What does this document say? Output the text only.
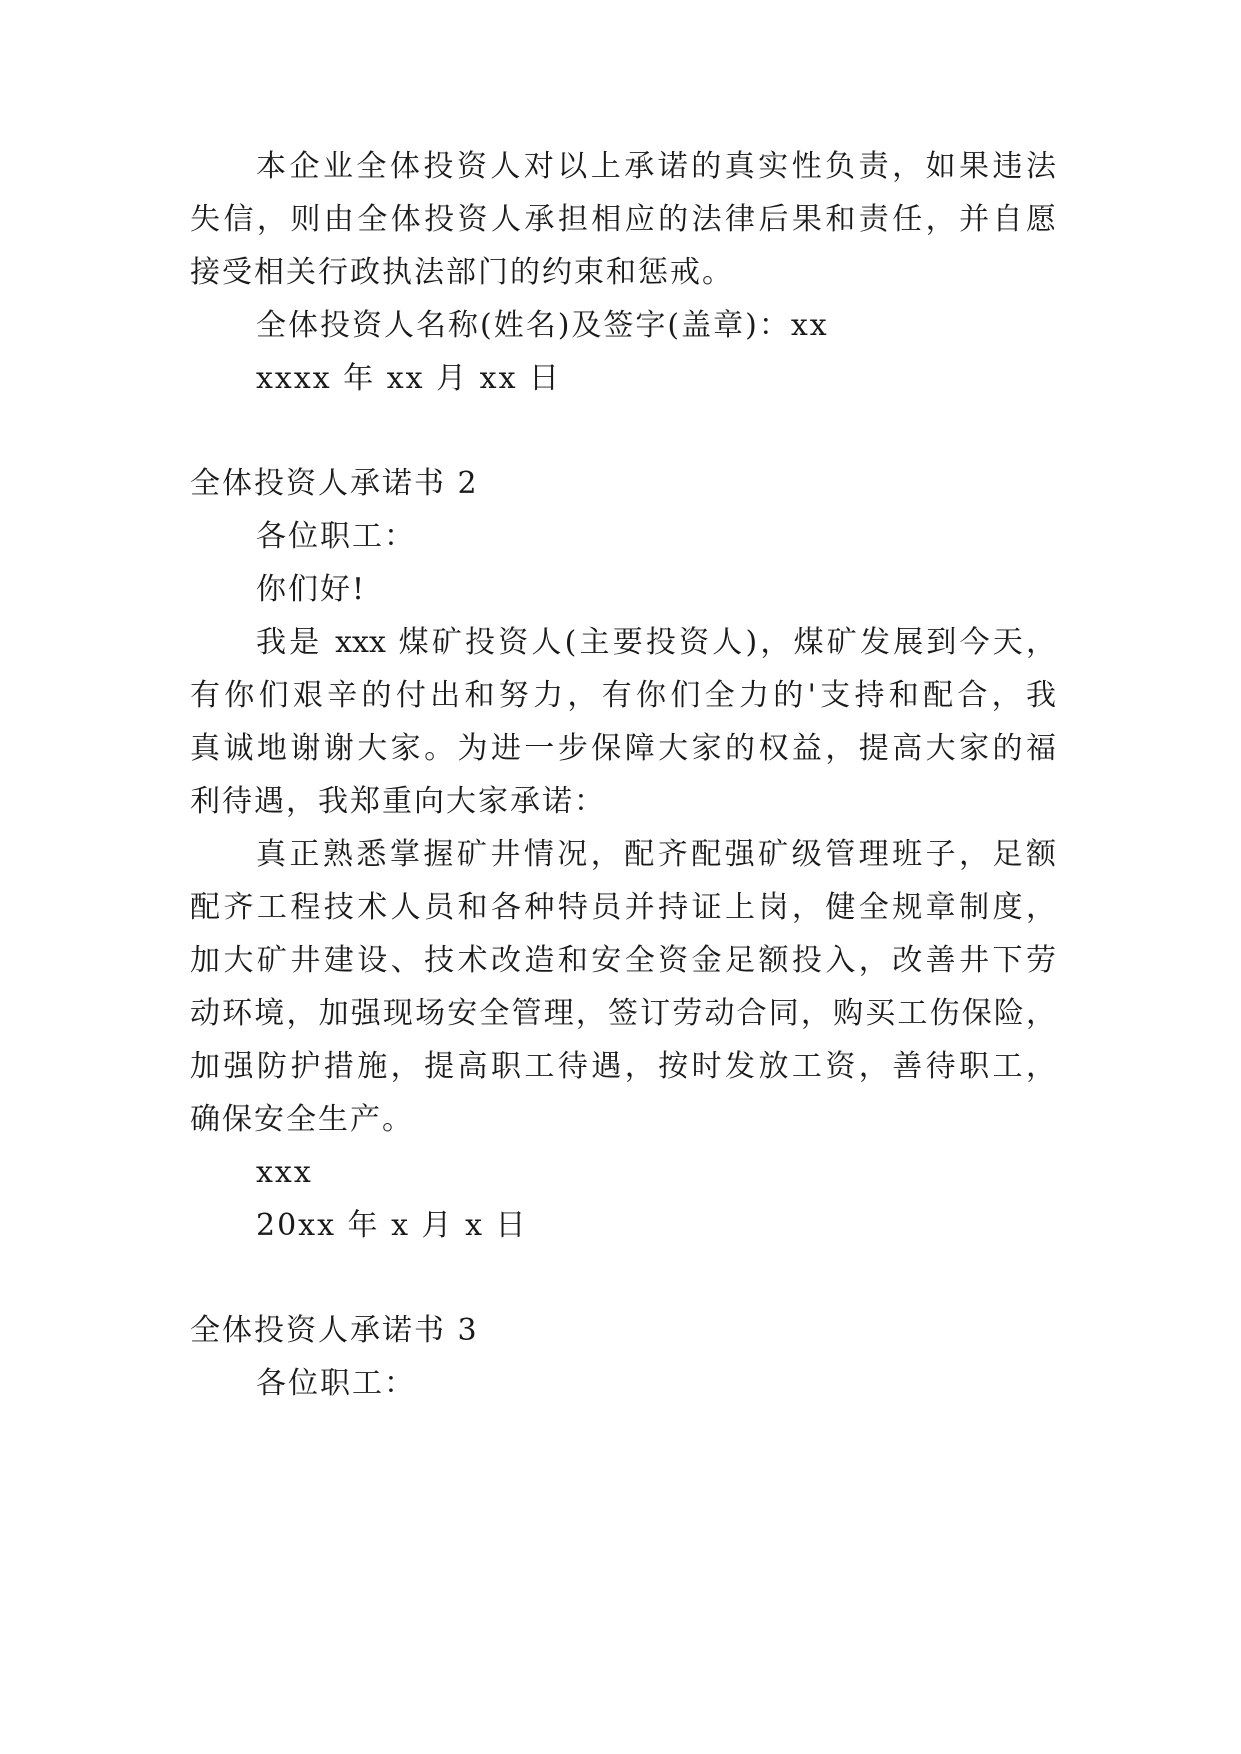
本企业全体投资人对以上承诺的真实性负责，如果违法
失信，则由全体投资人承担相应的法律后果和责任，并自愿
接受相关行政执法部门的约束和惩戒。
全体投资人名称(姓名)及签字(盖章)：xx
xxxx 年 xx 月 xx 日
全体投资人承诺书 2
各位职工：
你们好!
我是 xxx 煤矿投资人(主要投资人)，煤矿发展到今天，
有你们艰辛的付出和努力，有你们全力的'支持和配合，我
真诚地谢谢大家。为进一步保障大家的权益，提高大家的福
利待遇，我郑重向大家承诺：
真正熟悉掌握矿井情况，配齐配强矿级管理班子，足额
配齐工程技术人员和各种特员并持证上岗，健全规章制度，
加大矿井建设、技术改造和安全资金足额投入，改善井下劳
动环境，加强现场安全管理，签订劳动合同，购买工伤保险，
加强防护措施，提高职工待遇，按时发放工资，善待职工，
确保安全生产。
xxx
20xx 年 x 月 x 日
全体投资人承诺书 3
各位职工：
